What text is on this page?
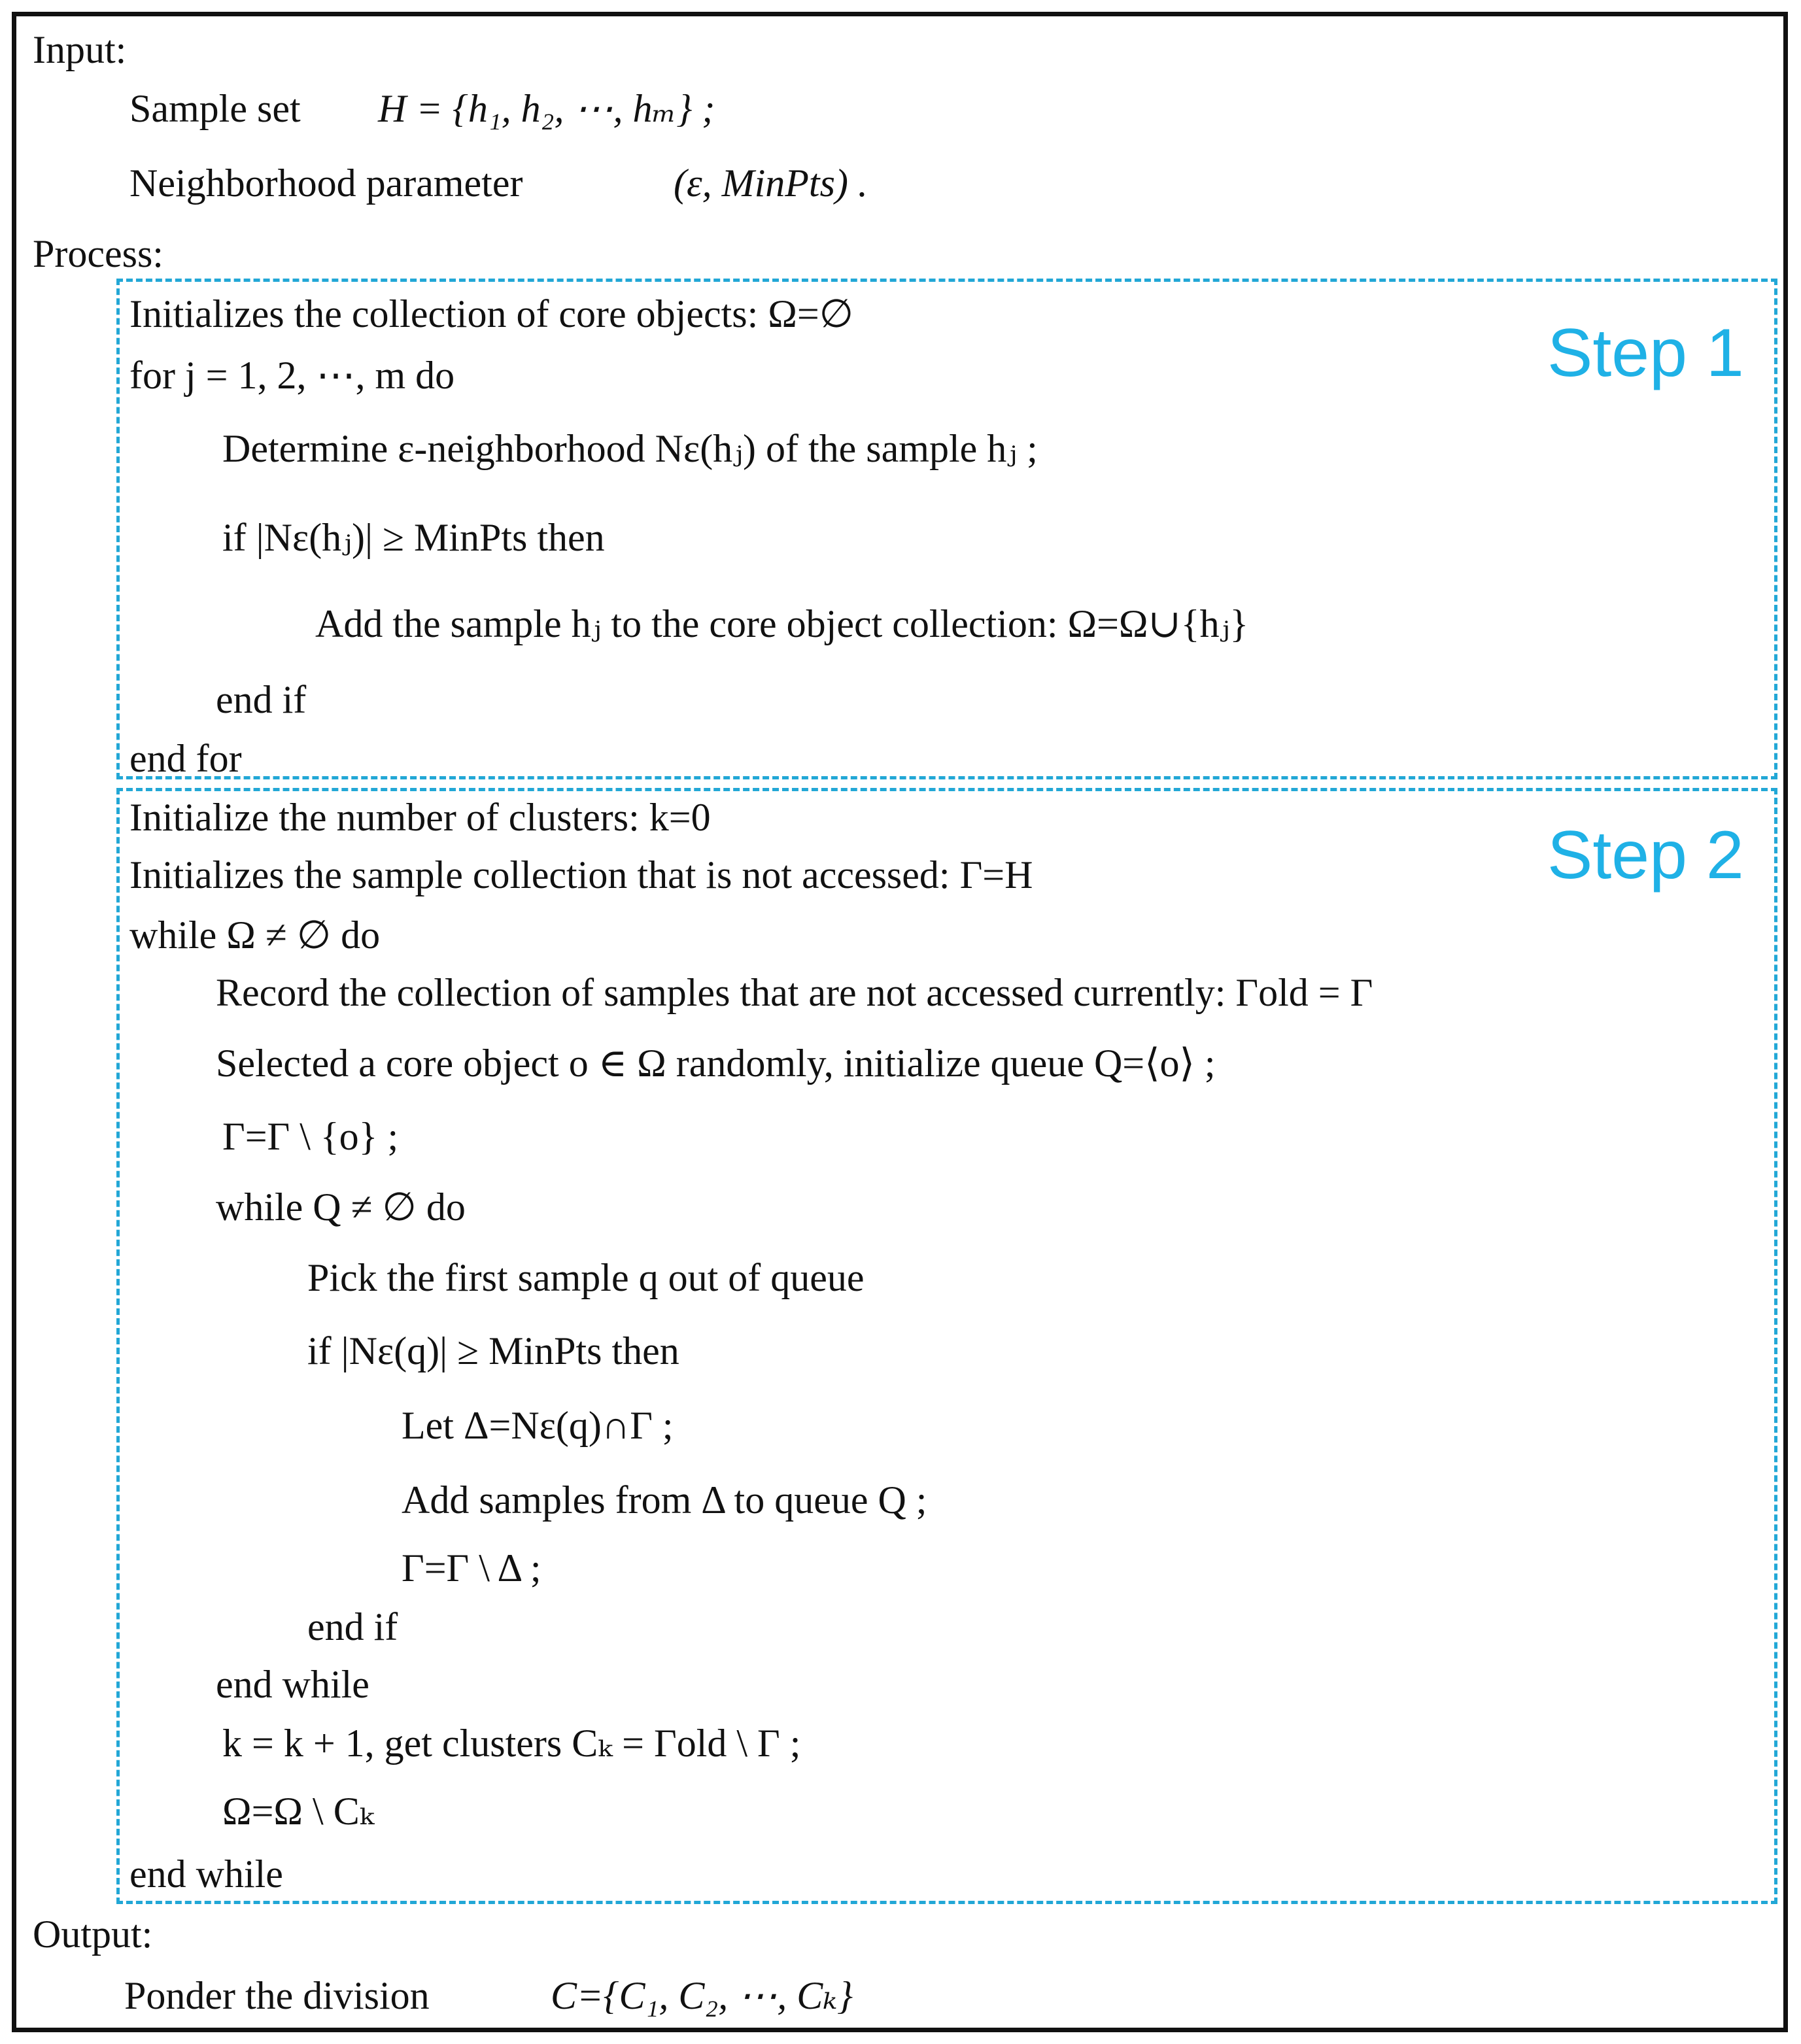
Step 1
Step 2
Input:
Sample set H = {h₁, h₂, ⋯, hₘ} ;
Neighborhood parameter	(ε, MinPts) .
Process:
Initializes the collection of core objects: Ω=∅
for j = 1, 2, ⋯, m do
Determine ε-neighborhood Nε(hⱼ) of the sample hⱼ ;
if |Nε(hⱼ)| ≥ MinPts then
Add the sample hⱼ to the core object collection: Ω=Ω∪{hⱼ}
end if
end for
Initialize the number of clusters: k=0
Initializes the sample collection that is not accessed: Γ=H
while Ω ≠ ∅ do
Record the collection of samples that are not accessed currently: Γold = Γ
Selected a core object o ∈ Ω randomly, initialize queue Q=⟨o⟩ ;
Γ=Γ \ {o} ;
while Q ≠ ∅ do
Pick the first sample q out of queue
if |Nε(q)| ≥ MinPts then
Let Δ=Nε(q)∩Γ ;
Add samples from Δ to queue Q ;
Γ=Γ \ Δ ;
end if
end while
k = k + 1, get clusters Cₖ = Γold \ Γ ;
Ω=Ω \ Cₖ
end while
Output:
Ponder the division	C={C₁, C₂, ⋯, Cₖ}
